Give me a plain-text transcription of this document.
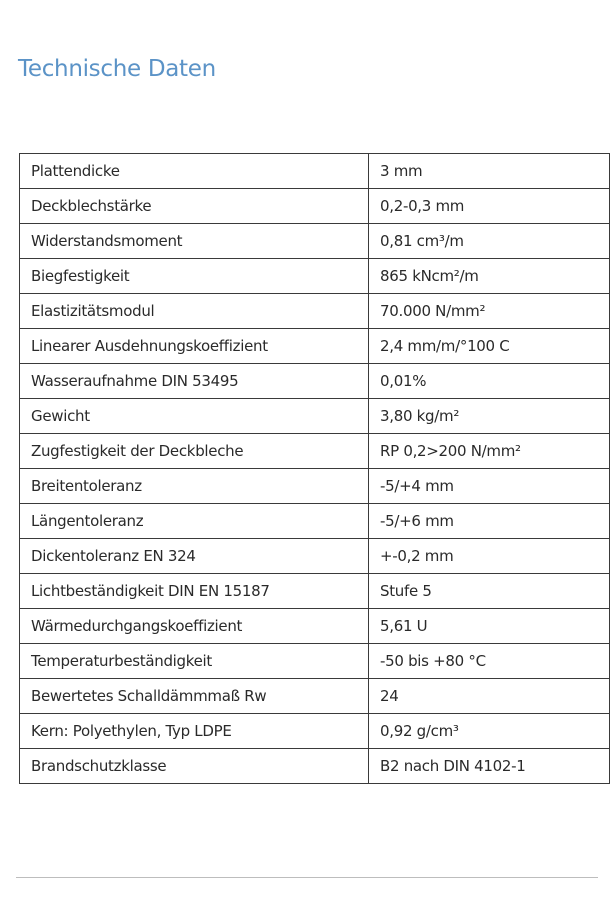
Technische Daten
Plattendicke	3 mm
Deckblechstärke	0,2-0,3 mm
Widerstandsmoment	0,81 cm³/m
Biegfestigkeit	865 kNcm²/m
Elastizitätsmodul	70.000 N/mm²
Linearer Ausdehnungskoeffizient	2,4 mm/m/°100 C
Wasseraufnahme DIN 53495	0,01%
Gewicht	3,80 kg/m²
Zugfestigkeit der Deckbleche	RP 0,2>200 N/mm²
Breitentoleranz	-5/+4 mm
Längentoleranz	-5/+6 mm
Dickentoleranz EN 324	+-0,2 mm
Lichtbeständigkeit DIN EN 15187	Stufe 5
Wärmedurchgangskoeffizient	5,61 U
Temperaturbeständigkeit	-50 bis +80 °C
Bewertetes Schalldämmmaß Rw	24
Kern: Polyethylen, Typ LDPE	0,92 g/cm³
Brandschutzklasse	B2 nach DIN 4102-1
